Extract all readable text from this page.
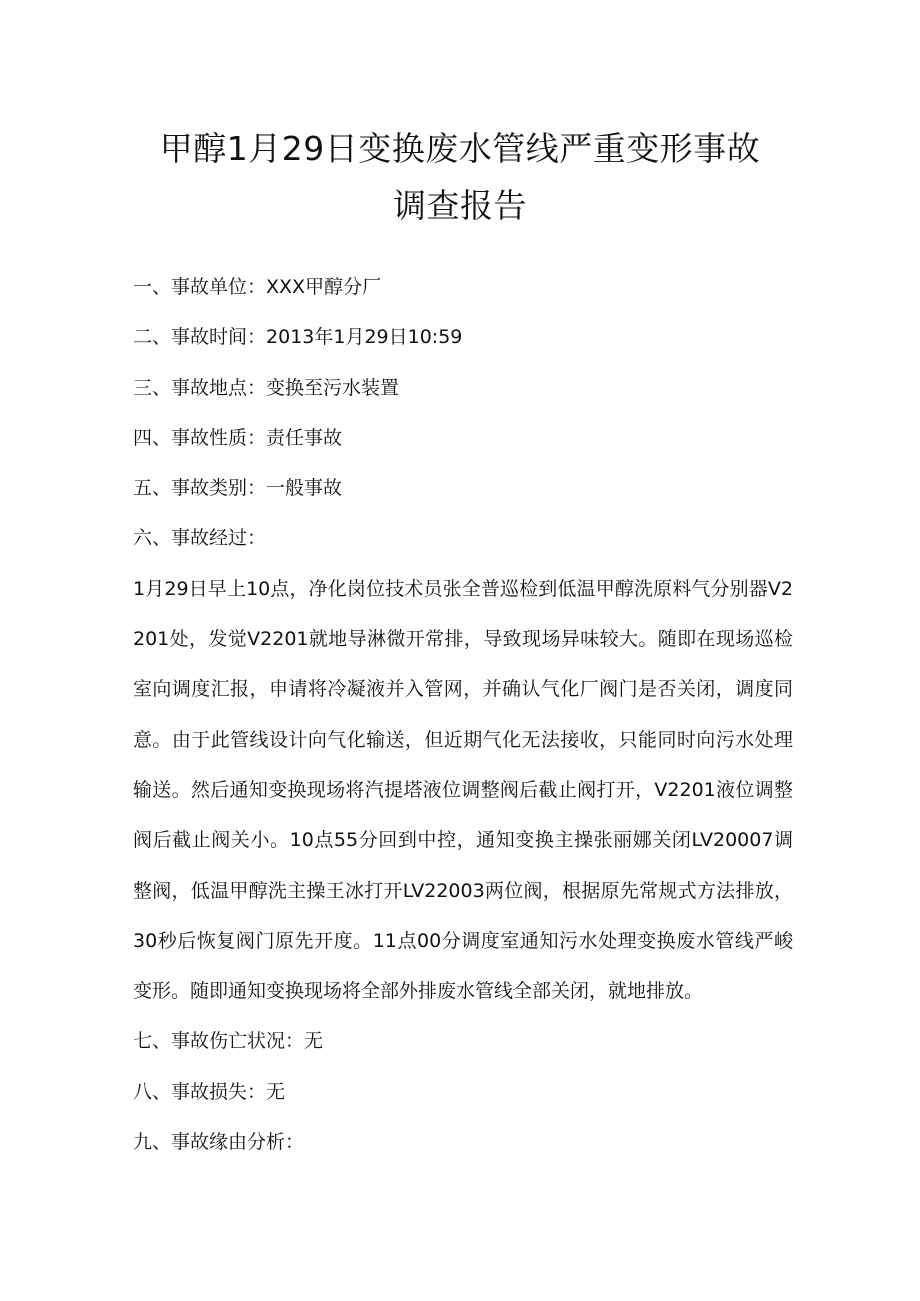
甲醇1月29日变换废水管线严重变形事故
调查报告

一、事故单位：XXX甲醇分厂

二、事故时间：2013年1月29日10:59

三、事故地点：变换至污水装置

四、事故性质：责任事故

五、事故类别：一般事故

六、事故经过：

1月29日早上10点，净化岗位技术员张全普巡检到低温甲醇洗原料气分别器V2201处，发觉V2201就地导淋微开常排，导致现场异味较大。随即在现场巡检室向调度汇报，申请将冷凝液并入管网，并确认气化厂阀门是否关闭，调度同意。由于此管线设计向气化输送，但近期气化无法接收，只能同时向污水处理输送。然后通知变换现场将汽提塔液位调整阀后截止阀打开，V2201液位调整阀后截止阀关小。10点55分回到中控，通知变换主操张丽娜关闭LV20007调整阀，低温甲醇洗主操王冰打开LV22003两位阀，根据原先常规式方法排放，30秒后恢复阀门原先开度。11点00分调度室通知污水处理变换废水管线严峻变形。随即通知变换现场将全部外排废水管线全部关闭，就地排放。

七、事故伤亡状况：无

八、事故损失：无

九、事故缘由分析：
